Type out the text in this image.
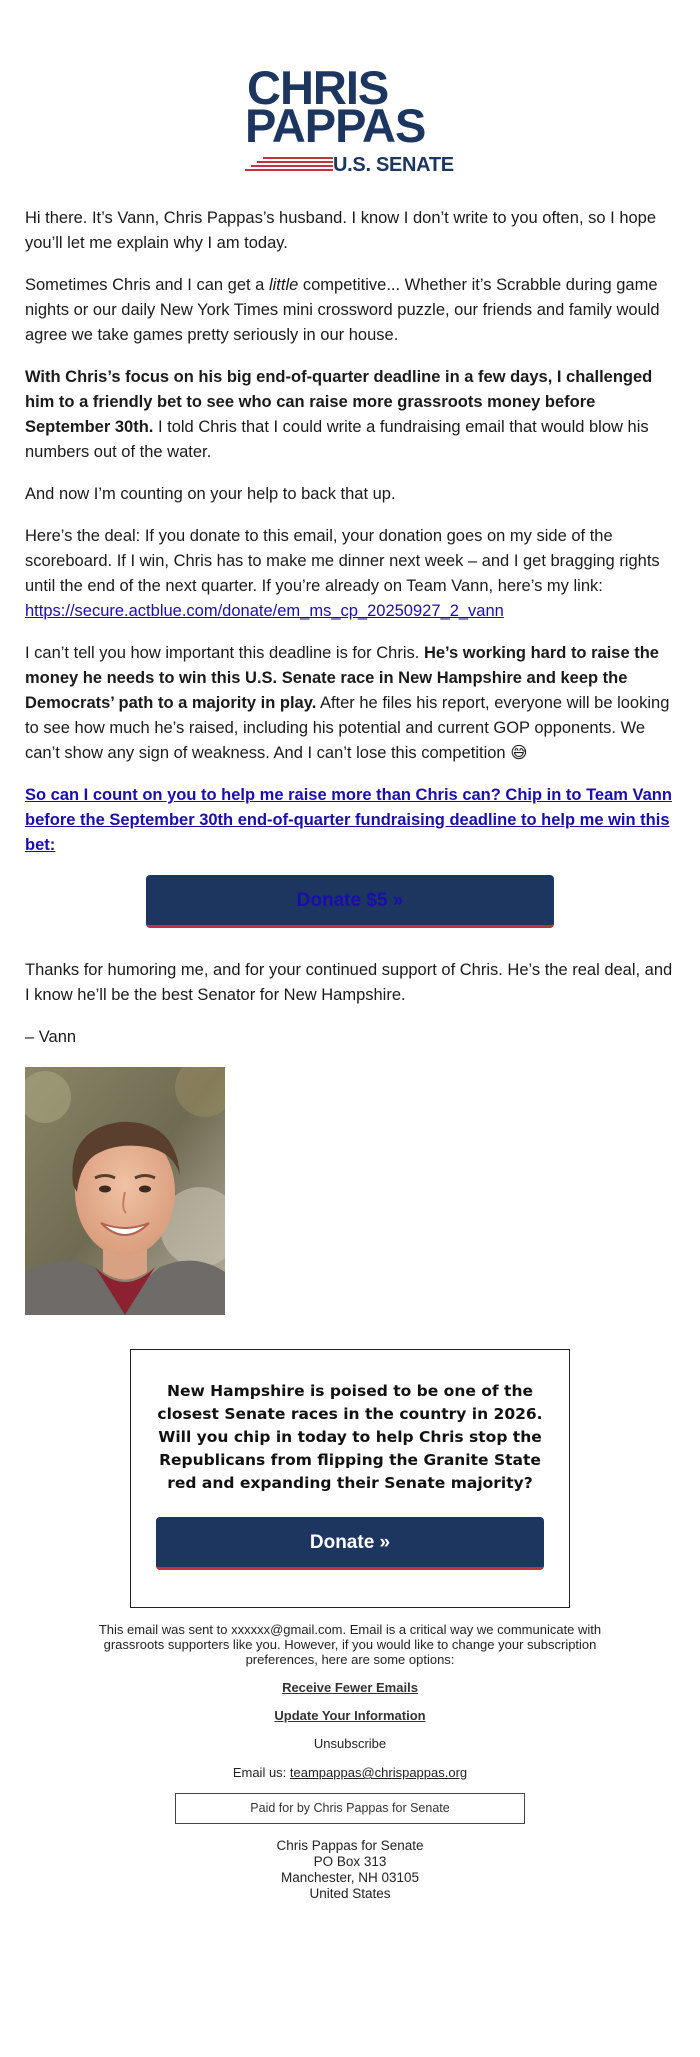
CHRIS
PAPPAS
U.S. SENATE

Hi there. It’s Vann, Chris Pappas’s husband. I know I don’t write to you often, so I hope you’ll let me explain why I am today.

Sometimes Chris and I can get a little competitive... Whether it’s Scrabble during game nights or our daily New York Times mini crossword puzzle, our friends and family would agree we take games pretty seriously in our house.

With Chris’s focus on his big end-of-quarter deadline in a few days, I challenged him to a friendly bet to see who can raise more grassroots money before September 30th. I told Chris that I could write a fundraising email that would blow his numbers out of the water.

And now I’m counting on your help to back that up.

Here’s the deal: If you donate to this email, your donation goes on my side of the scoreboard. If I win, Chris has to make me dinner next week – and I get bragging rights until the end of the next quarter. If you’re already on Team Vann, here’s my link: https://secure.actblue.com/donate/em_ms_cp_20250927_2_vann

I can’t tell you how important this deadline is for Chris. He’s working hard to raise the money he needs to win this U.S. Senate race in New Hampshire and keep the Democrats’ path to a majority in play. After he files his report, everyone will be looking to see how much he’s raised, including his potential and current GOP opponents. We can’t show any sign of weakness. And I can’t lose this competition 😅

So can I count on you to help me raise more than Chris can? Chip in to Team Vann before the September 30th end-of-quarter fundraising deadline to help me win this bet:

Donate $5 »

Thanks for humoring me, and for your continued support of Chris. He’s the real deal, and I know he’ll be the best Senator for New Hampshire.

– Vann

New Hampshire is poised to be one of the closest Senate races in the country in 2026. Will you chip in today to help Chris stop the Republicans from flipping the Granite State red and expanding their Senate majority?

Donate »
This email was sent to xxxxxx@gmail.com. Email is a critical way we communicate with grassroots supporters like you. However, if you would like to change your subscription preferences, here are some options:
Receive Fewer Emails
Update Your Information
Unsubscribe
Email us: teampappas@chrispappas.org
Paid for by Chris Pappas for Senate
Chris Pappas for Senate
PO Box 313
Manchester, NH 03105
United States
